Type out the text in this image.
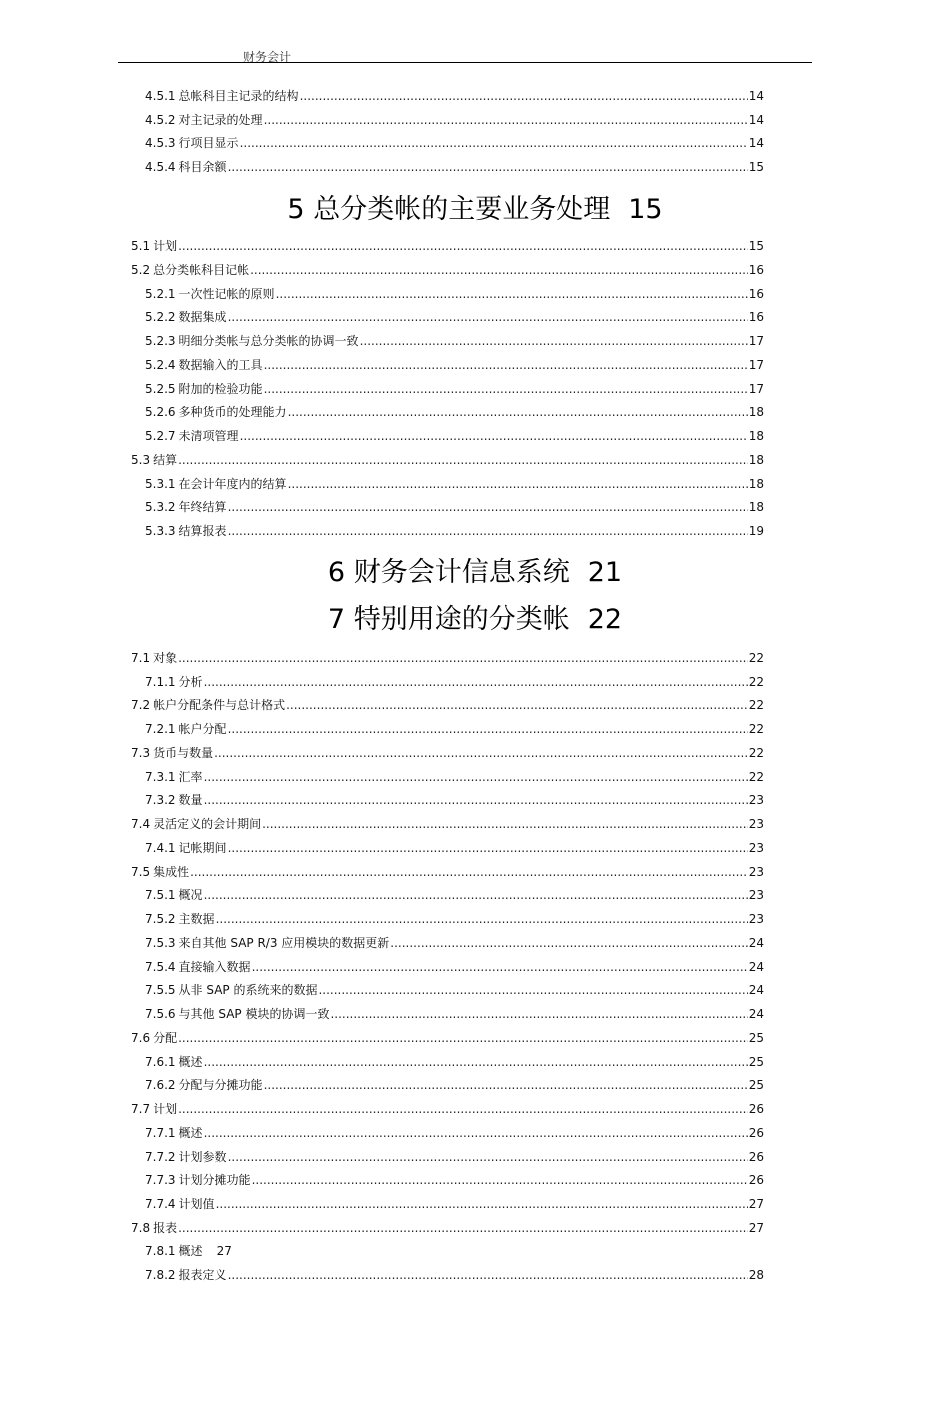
财务会计
4.5.1 总帐科目主记录的结构 .....	14
4.5.2 对主记录的处理 .....	14
4.5.3 行项目显示 .....	14
4.5.4 科目余额 .....	15
5 总分类帐的主要业务处理 15
5.1 计划 .....	15
5.2 总分类帐科目记帐 .....	16
5.2.1 一次性记帐的原则 .....	16
5.2.2 数据集成 .....	16
5.2.3 明细分类帐与总分类帐的协调一致 .....	17
5.2.4 数据输入的工具 .....	17
5.2.5 附加的检验功能 .....	17
5.2.6 多种货币的处理能力 .....	18
5.2.7 未清项管理 .....	18
5.3 结算 .....	18
5.3.1 在会计年度内的结算 .....	18
5.3.2 年终结算 .....	18
5.3.3 结算报表 .....	19
6 财务会计信息系统 21
7 特别用途的分类帐 22
7.1 对象 .....	22
7.1.1 分析 .....	22
7.2 帐户分配条件与总计格式 .....	22
7.2.1 帐户分配 .....	22
7.3 货币与数量 .....	22
7.3.1 汇率 .....	22
7.3.2 数量 .....	23
7.4 灵活定义的会计期间 .....	23
7.4.1 记帐期间 .....	23
7.5 集成性 .....	23
7.5.1 概况 .....	23
7.5.2 主数据 .....	23
7.5.3 来自其他 SAP R/3 应用模块的数据更新 .....	24
7.5.4 直接输入数据 .....	24
7.5.5 从非 SAP 的系统来的数据 .....	24
7.5.6 与其他 SAP 模块的协调一致 .....	24
7.6 分配 .....	25
7.6.1 概述 .....	25
7.6.2 分配与分摊功能 .....	25
7.7 计划 .....	26
7.7.1 概述 .....	26
7.7.2 计划参数 .....	26
7.7.3 计划分摊功能 .....	26
7.7.4 计划值 .....	27
7.8 报表 .....	27
7.8.1 概述 27
7.8.2 报表定义 .....	28
